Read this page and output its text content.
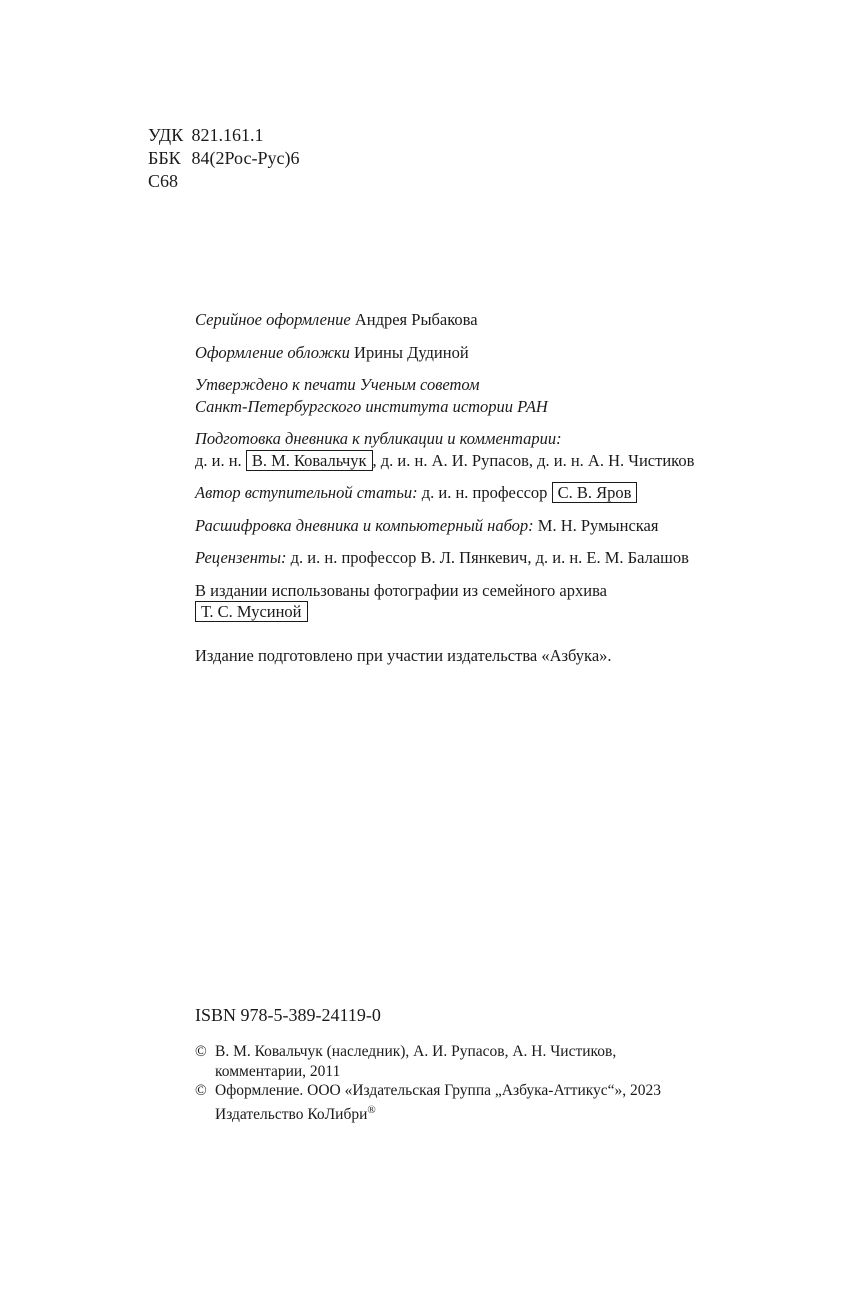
УДК 821.161.1
ББК 84(2Рос-Рус)6
С68
Серийное оформление Андрея Рыбакова
Оформление обложки Ирины Дудиной
Утверждено к печати Ученым советом
Санкт-Петербургского института истории РАН
Подготовка дневника к публикации и комментарии:
д. и. н. В. М. Ковальчук , д. и. н. А. И. Рупасов, д. и. н. А. Н. Чистиков
Автор вступительной статьи: д. и. н. профессор С. В. Яров
Расшифровка дневника и компьютерный набор: М. Н. Румынская
Рецензенты: д. и. н. профессор В. Л. Пянкевич, д. и. н. Е. М. Балашов
В издании использованы фотографии из семейного архива
Т. С. Мусиной
Издание подготовлено при участии издательства «Азбука».
ISBN 978-5-389-24119-0
© В. М. Ковальчук (наследник), А. И. Рупасов, А. Н. Чистиков,
комментарии, 2011
© Оформление. ООО «Издательская Группа „Азбука-Аттикус“», 2023
Издательство КоЛибри®
